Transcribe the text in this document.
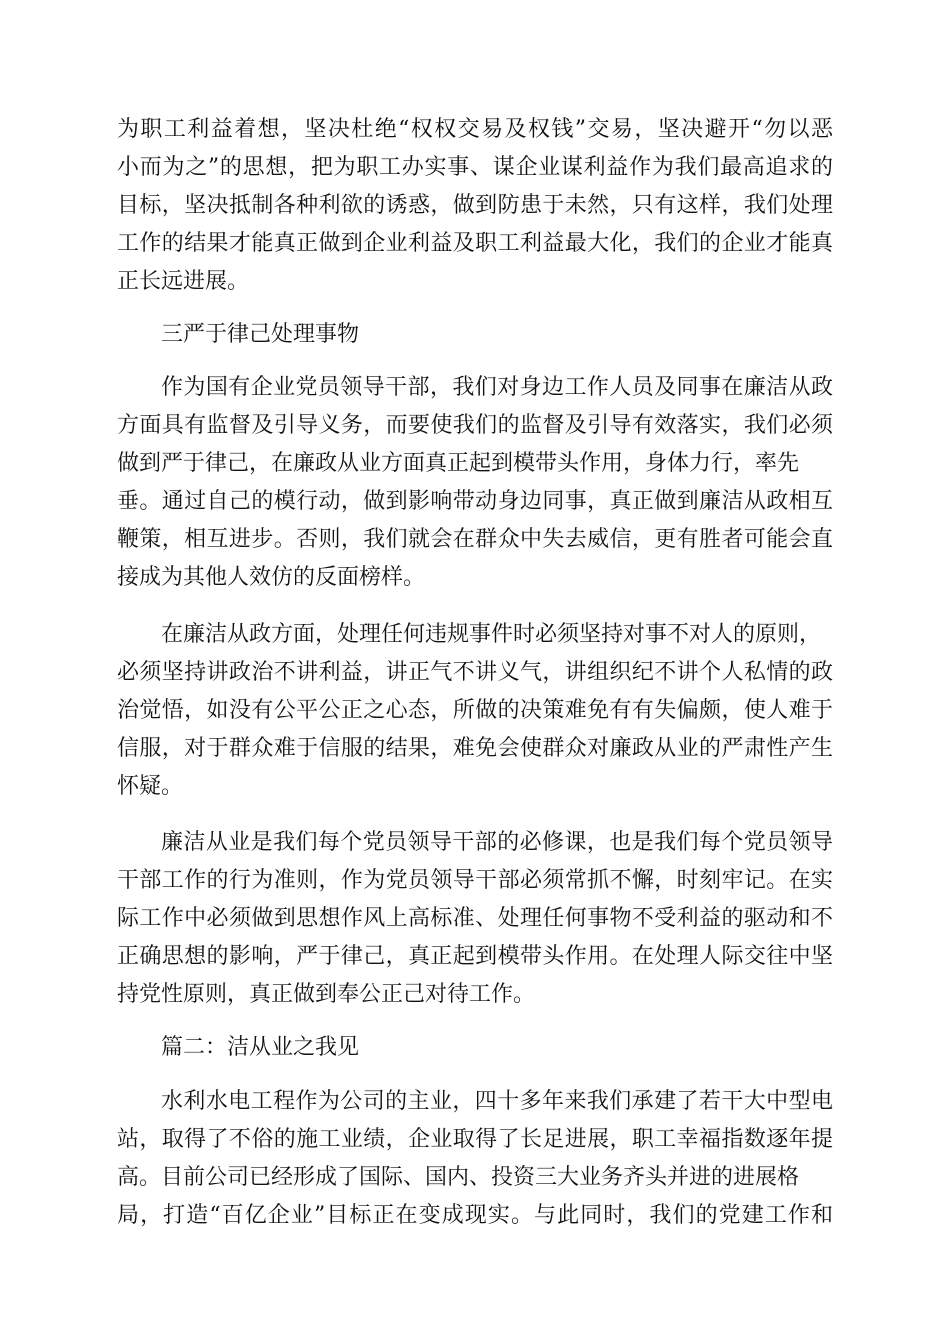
为职工利益着想，坚决杜绝“权权交易及权钱”交易，坚决避开“勿以恶
小而为之”的思想，把为职工办实事、谋企业谋利益作为我们最高追求的
目标，坚决抵制各种利欲的诱惑，做到防患于未然，只有这样，我们处理
工作的结果才能真正做到企业利益及职工利益最大化，我们的企业才能真
正长远进展。
三严于律己处理事物
作为国有企业党员领导干部，我们对身边工作人员及同事在廉洁从政
方面具有监督及引导义务，而要使我们的监督及引导有效落实，我们必须
做到严于律己，在廉政从业方面真正起到模带头作用，身体力行，率先
垂。通过自己的模行动，做到影响带动身边同事，真正做到廉洁从政相互
鞭策，相互进步。否则，我们就会在群众中失去威信，更有胜者可能会直
接成为其他人效仿的反面榜样。
在廉洁从政方面，处理任何违规事件时必须坚持对事不对人的原则，
必须坚持讲政治不讲利益，讲正气不讲义气，讲组织纪不讲个人私情的政
治觉悟，如没有公平公正之心态，所做的决策难免有有失偏颇，使人难于
信服，对于群众难于信服的结果，难免会使群众对廉政从业的严肃性产生
怀疑。
廉洁从业是我们每个党员领导干部的必修课，也是我们每个党员领导
干部工作的行为准则，作为党员领导干部必须常抓不懈，时刻牢记。在实
际工作中必须做到思想作风上高标准、处理任何事物不受利益的驱动和不
正确思想的影响，严于律己，真正起到模带头作用。在处理人际交往中坚
持党性原则，真正做到奉公正己对待工作。
篇二：洁从业之我见
水利水电工程作为公司的主业，四十多年来我们承建了若干大中型电
站，取得了不俗的施工业绩，企业取得了长足进展，职工幸福指数逐年提
高。目前公司已经形成了国际、国内、投资三大业务齐头并进的进展格
局，打造“百亿企业”目标正在变成现实。与此同时，我们的党建工作和
